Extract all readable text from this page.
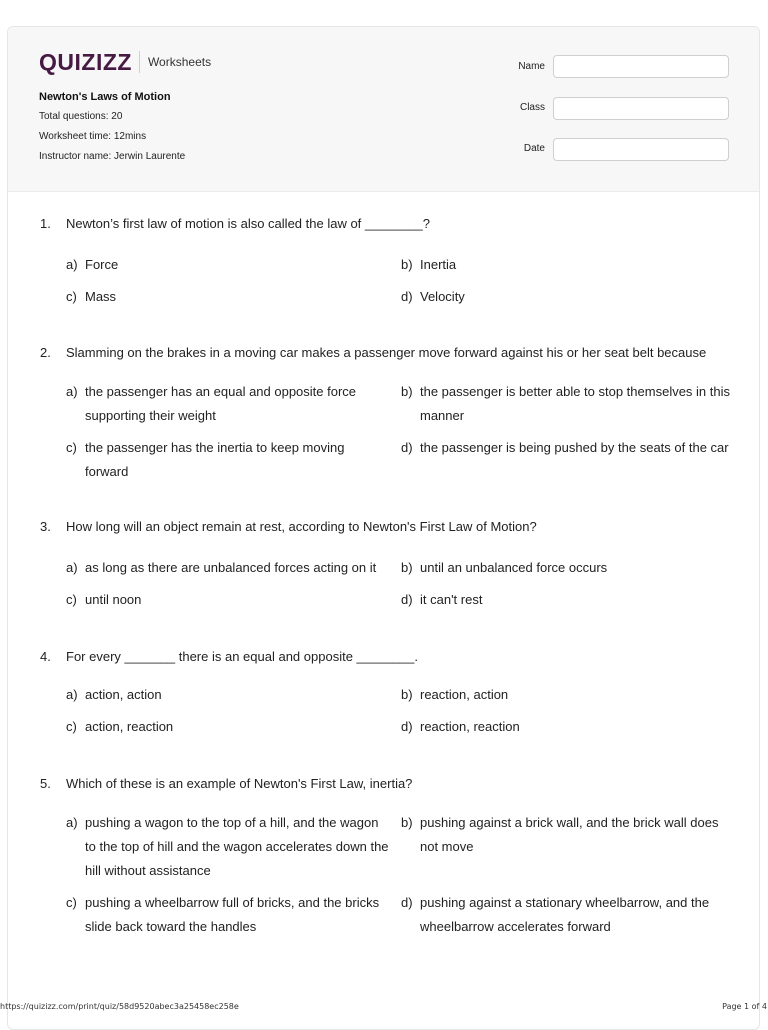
QUIZIZZ Worksheets
Newton's Laws of Motion
Total questions: 20
Worksheet time: 12mins
Instructor name: Jerwin Laurente
Name
Class
Date
1.	Newton’s first law of motion is also called the law of ________?
a) Force	b) Inertia
c) Mass	d) Velocity
2.	Slamming on the brakes in a moving car makes a passenger move forward against his or her seat belt because
a) the passenger has an equal and opposite force supporting their weight
b) the passenger is better able to stop themselves in this manner
c) the passenger has the inertia to keep moving forward
d) the passenger is being pushed by the seats of the car
3.	How long will an object remain at rest, according to Newton's First Law of Motion?
a) as long as there are unbalanced forces acting on it b) until an unbalanced force occurs
c) until noon	d) it can't rest
4.	For every _______ there is an equal and opposite ________.
a) action, action	b) reaction, action
c) action, reaction	d) reaction, reaction
5.	Which of these is an example of Newton's First Law, inertia?
a) pushing a wagon to the top of a hill, and the wagon to the top of hill and the wagon accelerates down the hill without assistance
b) pushing against a brick wall, and the brick wall does not move
c) pushing a wheelbarrow full of bricks, and the bricks slide back toward the handles
d) pushing against a stationary wheelbarrow, and the wheelbarrow accelerates forward
https://quizizz.com/print/quiz/58d9520abec3a25458ec258e	Page 1 of 4
